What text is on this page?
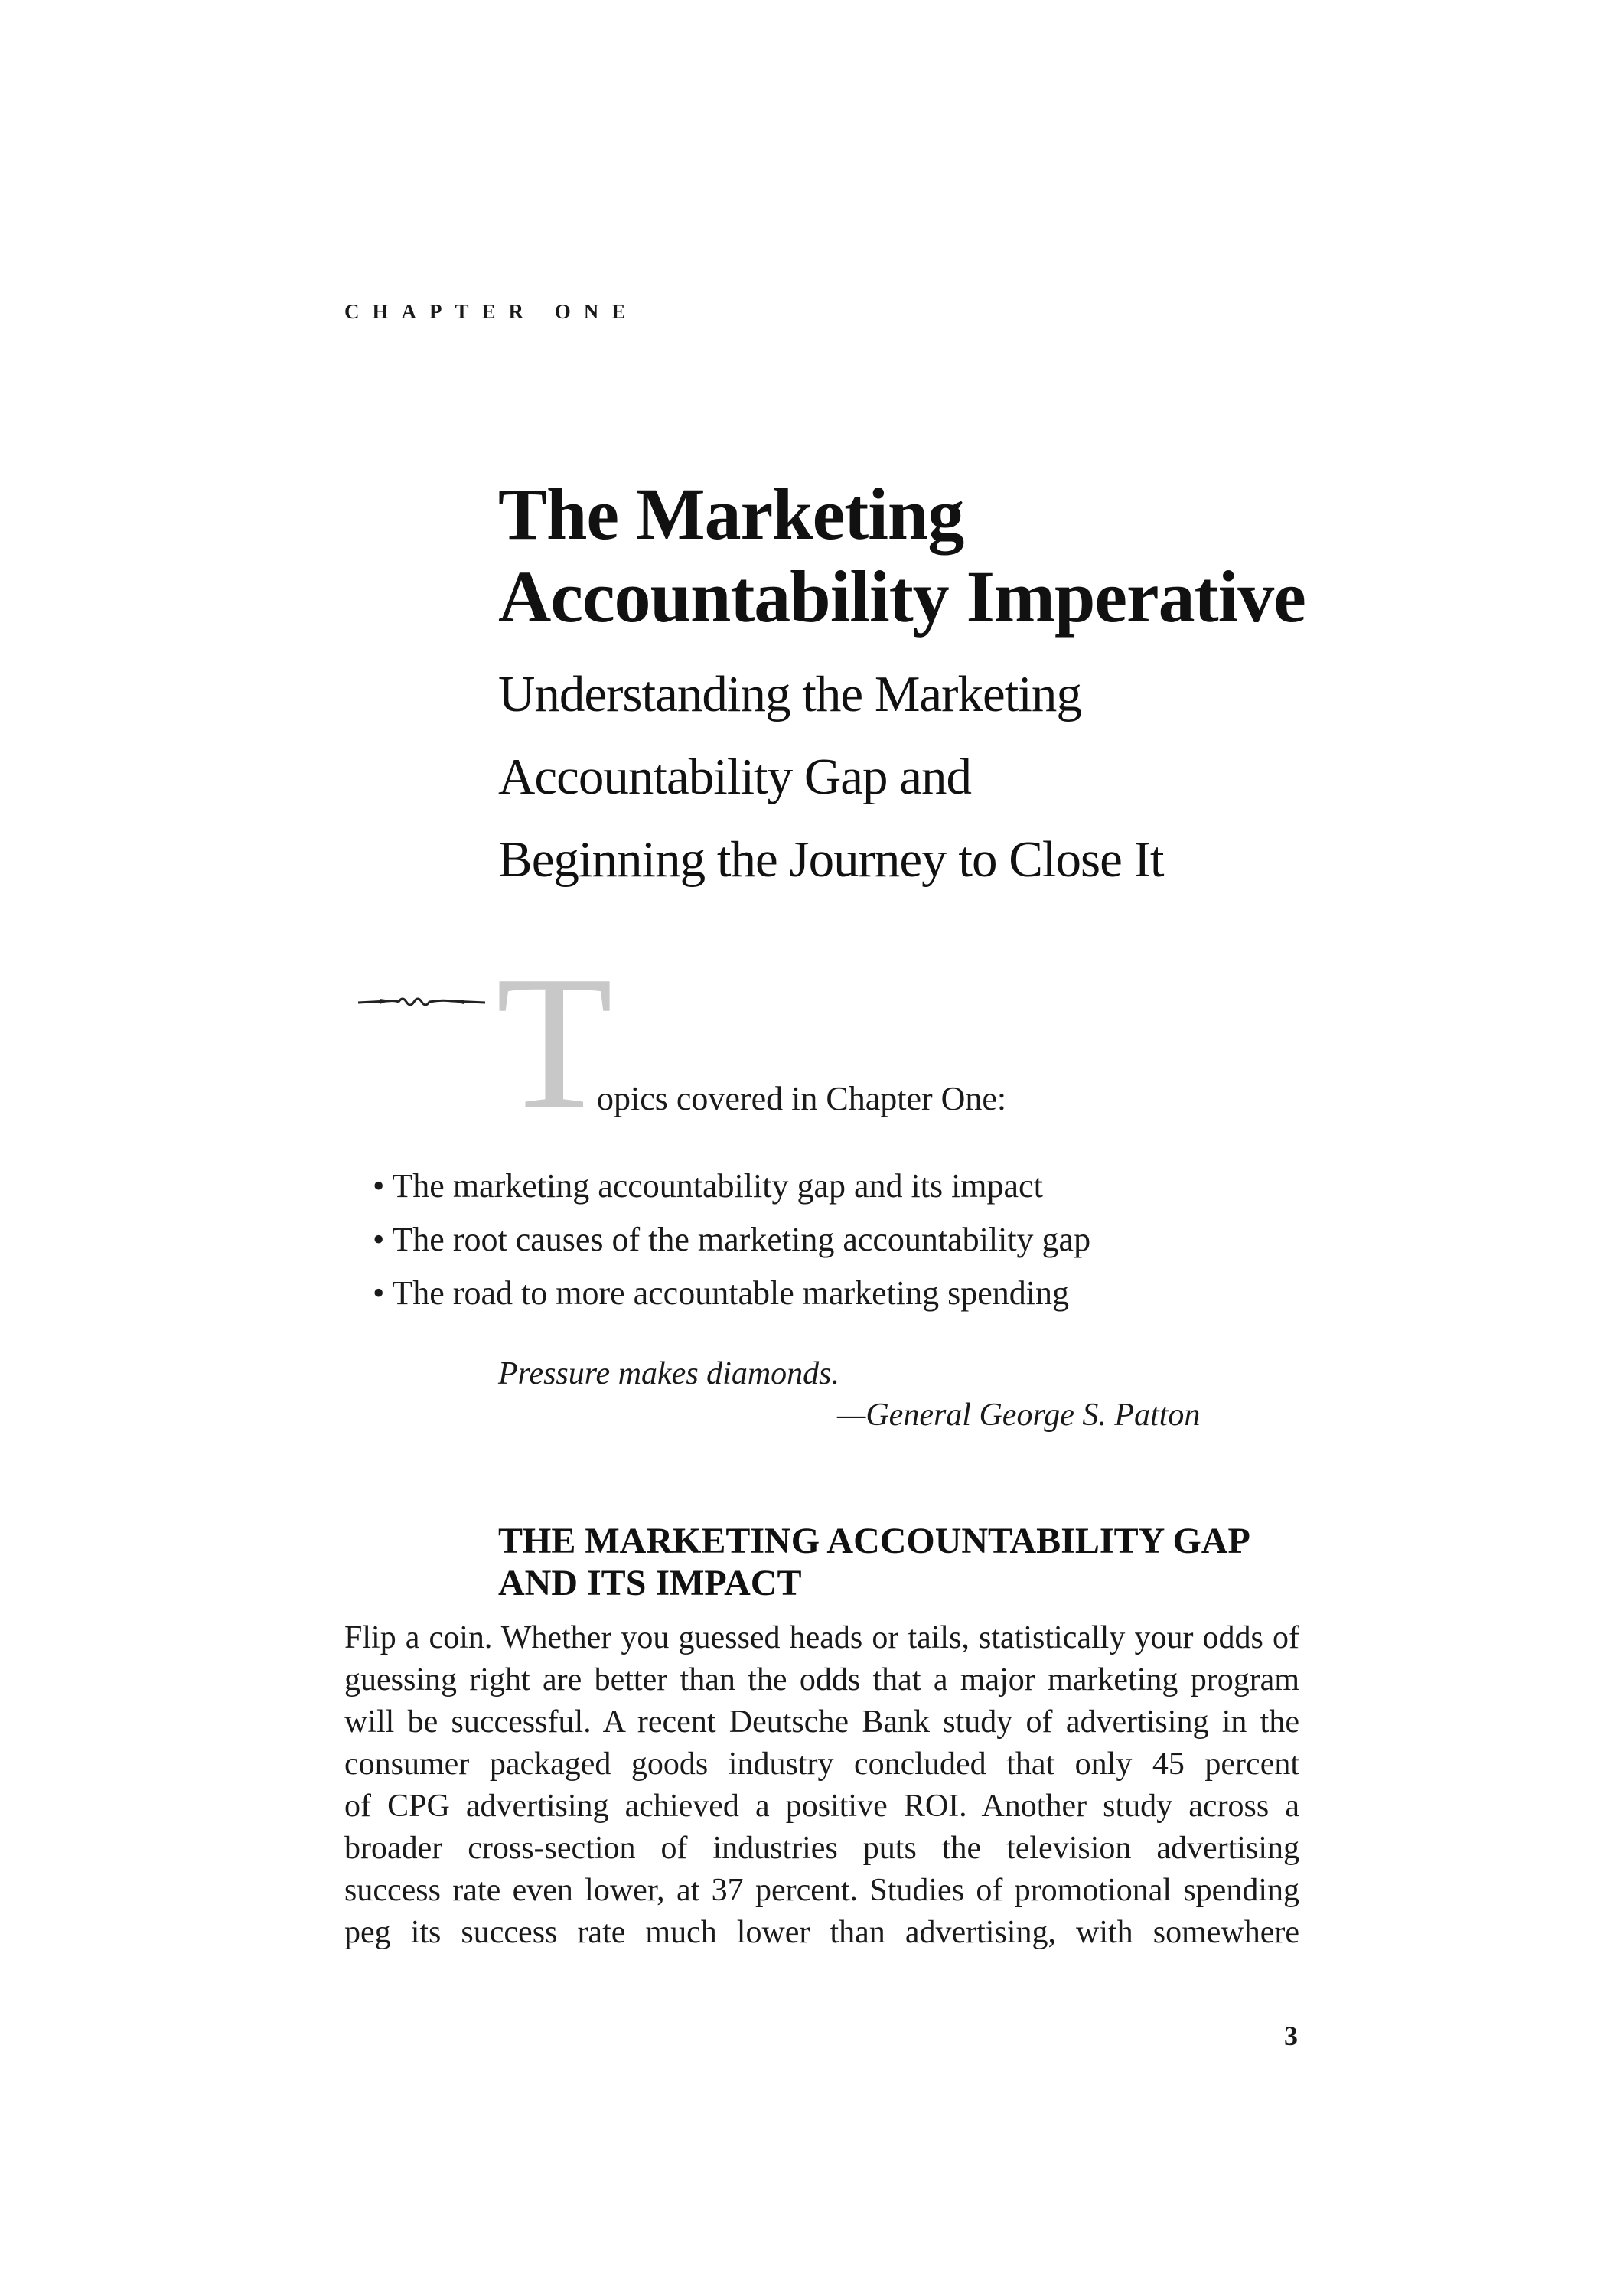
CHAPTER ONE
The Marketing
Accountability Imperative
Understanding the Marketing
Accountability Gap and
Beginning the Journey to Close It
T
opics covered in Chapter One:
• The marketing accountability gap and its impact
• The root causes of the marketing accountability gap
• The road to more accountable marketing spending
Pressure makes diamonds.
—General George S. Patton
THE MARKETING ACCOUNTABILITY GAP
AND ITS IMPACT
Flip a coin. Whether you guessed heads or tails, statistically your odds of
guessing right are better than the odds that a major marketing program
will be successful. A recent Deutsche Bank study of advertising in the
consumer packaged goods industry concluded that only 45 percent
of CPG advertising achieved a positive ROI. Another study across a
broader cross-section of industries puts the television advertising
success rate even lower, at 37 percent. Studies of promotional spending
peg its success rate much lower than advertising, with somewhere
3
